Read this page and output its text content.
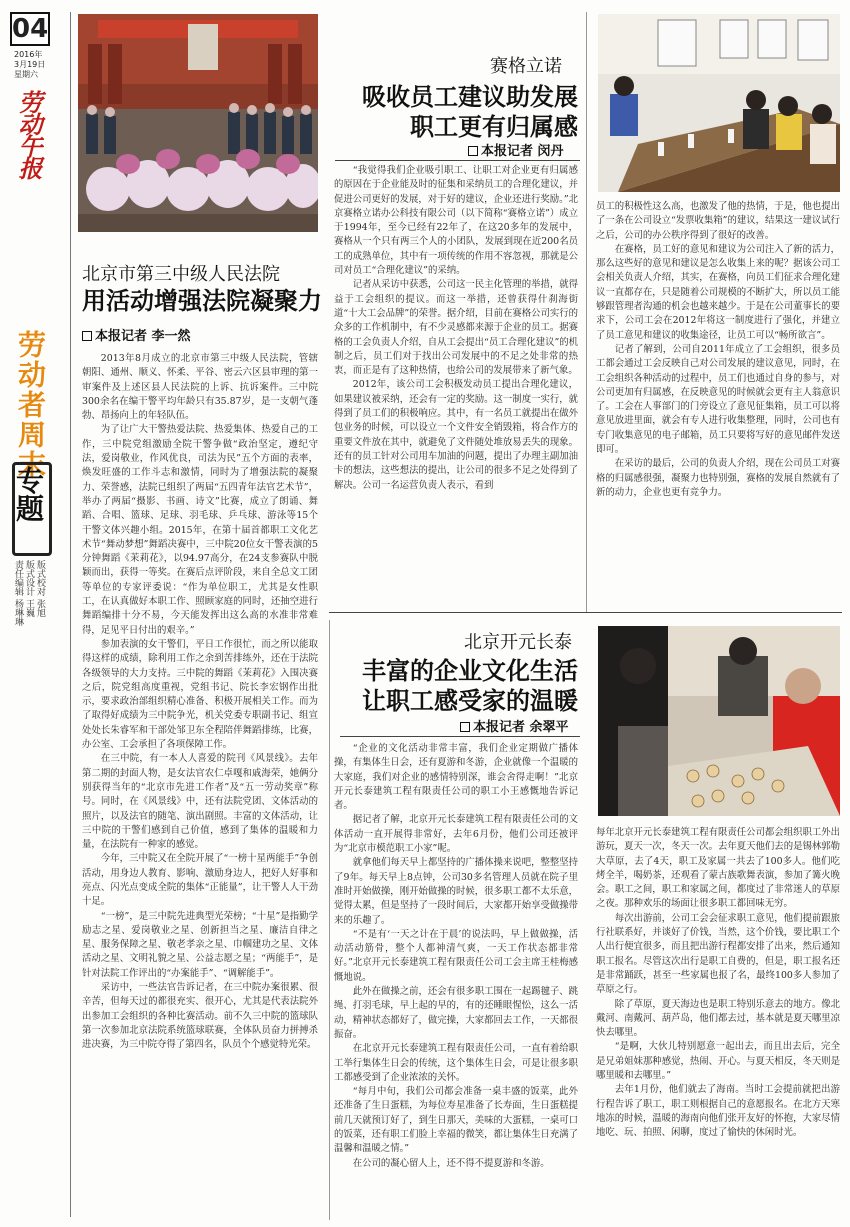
04
2016年
3月19日
星期六
劳动午报
劳动者周末
专题
版式校对 张旭
版式设计 王巍
责任编辑 杨琳琳
北京市第三中级人民法院
用活动增强法院凝聚力
本报记者 李一然

2013年8月成立的北京市第三中级人民法院，管辖朝阳、通州、顺义、怀柔、平谷、密云六区县审理的第一审案件及上述区县人民法院的上诉、抗诉案件。三中院300余名在编干警平均年龄只有35.87岁，是一支朝气蓬勃、昂扬向上的年轻队伍。

为了让广大干警热爱法院、热爱集体、热爱自己的工作，三中院党组激励全院干警争做“政治坚定，遵纪守法，爱岗敬业，作风优良，司法为民”五个方面的表率，焕发旺盛的工作斗志和激情，同时为了增强法院的凝聚力、荣誉感，法院已组织了两届“五四青年法官艺术节”，举办了两届“摄影、书画、诗文”比赛，成立了朗诵、舞蹈、合唱、篮球、足球、羽毛球、乒乓球、游泳等15个干警文体兴趣小组。2015年，在第十届首都职工文化艺术节“舞动梦想”舞蹈决赛中，三中院20位女干警表演的5分钟舞蹈《茉莉花》，以94.97高分，在24支参赛队中脱颖而出，获得一等奖。在赛后点评阶段，来自全总文工团等单位的专家评委说：“作为单位职工，尤其是女性职工，在认真做好本职工作、照顾家庭的同时，还抽空进行舞蹈编排十分不易，今天能发挥出这么高的水准非常难得，足见平日付出的艰辛。”

参加表演的女干警们，平日工作很忙，而之所以能取得这样的成绩，除利用工作之余到苦排练外，还在于法院各级领导的大力支持。三中院的舞蹈《茉莉花》入围决赛之后，院党组高度重视，党组书记、院长李宏钢作出批示，要求政治部组织精心准备、积极开展相关工作。而为了取得好成绩为三中院争光，机关党委专职副书记、组宣处处长朱睿军和干部处邹卫东全程陪伴舞蹈排练，比赛，办公室、工会承担了各项保障工作。

在三中院，有一本人人喜爱的院刊《风景线》。去年第二期的封面人物，是女法官农仁卓嘎和戚海荣，她俩分别获得当年的“北京市先进工作者”及“五一劳动奖章”称号。同时，在《风景线》中，还有法院党团、文体活动的照片，以及法官的随笔、演出剧照。丰富的文体活动，让三中院的干警们感到自己价值，感到了集体的温暖和力量，在法院有一种家的感觉。

今年，三中院又在全院开展了“一榜十星两能手”争创活动，用身边人教育、影响、激励身边人，把好人好事和亮点、闪光点变成全院的集体“正能量”，让干警人人干劲十足。

“一榜”，是三中院先进典型光荣榜；“十星”是指勤学励志之星、爱岗敬业之星、创新担当之星、廉洁自律之星、服务保障之星、敬老孝亲之星、巾帼建功之星、文体活动之星、文明礼貌之星、公益志愿之星；“两能手”，是针对法院工作评出的“办案能手”、“调解能手”。

采访中，一些法官告诉记者，在三中院办案很累、很辛苦，但每天过的都很充实、很开心，尤其是代表法院外出参加工会组织的各种比赛活动。前不久三中院的篮球队第一次参加北京法院系统篮球联赛，全体队员奋力拼搏杀进决赛，为三中院夺得了第四名，队员个个感觉特光荣。

赛格立诺
吸收员工建议助发展
职工更有归属感
本报记者 闵丹

“我觉得我们企业吸引职工、让职工对企业更有归属感的原因在于企业能及时的征集和采纳员工的合理化建议，并促进公司更好的发展，对于好的建议，企业还进行奖励。”北京赛格立诺办公科技有限公司（以下简称“赛格立诺”）成立于1994年，至今已经有22年了，在这20多年的发展中，赛格从一个只有两三个人的小团队，发展到现在近200名员工的成熟单位，其中有一项传统的作用不容忽视，那就是公司对员工“合理化建议”的采纳。

记者从采访中获悉，公司这一民主化管理的举措，就得益于工会组织的提议。而这一举措，还曾获得什刹海街道“十大工会品牌”的荣誉。据介绍，目前在赛格公司实行的众多的工作机制中，有不少灵感都来源于企业的员工。据赛格的工会负责人介绍，自从工会提出“员工合理化建议”的机制之后，员工们对于找出公司发展中的不足之处非常的热衷，而正是有了这种热情，也给公司的发展带来了新气象。

2012年，该公司工会积极发动员工提出合理化建议，如果建议被采纳，还会有一定的奖励。这一制度一实行，就得到了员工们的积极响应。其中，有一名员工就提出在做外包业务的时候，可以设立一个文件安全销毁箱，将合作方的重要文件放在其中，就避免了文件随处堆放易丢失的现象。还有的员工针对公司用车加油的问题，提出了办理主副加油卡的想法，这些想法的提出，让公司的很多不足之处得到了解决。公司一名运营负责人表示，看到

员工的积极性这么高，也激发了他的热情，于是，他也提出了一条在公司设立“发票收集箱”的建议，结果这一建议试行之后，公司的办公秩序得到了很好的改善。

在赛格，员工好的意见和建议为公司注入了新的活力，那么这些好的意见和建议是怎么收集上来的呢？据该公司工会相关负责人介绍，其实，在赛格，向员工们征求合理化建议一直都存在，只是随着公司规模的不断扩大，所以员工能够跟管理者沟通的机会也越来越少。于是在公司董事长的要求下，公司工会在2012年将这一制度进行了强化，并建立了员工意见和建议的收集途径，让员工可以“畅所欲言”。

记者了解到，公司自2011年成立了工会组织，很多员工都会通过工会反映自己对公司发展的建议意见，同时，在工会组织各种活动的过程中，员工们也通过自身的参与，对公司更加有归属感，在反映意见的时候就会更有主人翁意识了。工会在人事部门的门旁设立了意见征集箱，员工可以将意见放进里面，就会有专人进行收集整理，同时，公司也有专门收集意见的电子邮箱，员工只要将写好的意见邮件发送即可。

在采访的最后，公司的负责人介绍，现在公司员工对赛格的归属感很强，凝聚力也特别强，赛格的发展自然就有了新的动力，企业也更有竞争力。

北京开元长泰
丰富的企业文化生活
让职工感受家的温暖
本报记者 余翠平

“企业的文化活动非常丰富，我们企业定期做广播体操，有集体生日会，还有夏游和冬游，企业就像一个温暖的大家庭，我们对企业的感情特别深，谁会舍得走啊！”北京开元长泰建筑工程有限责任公司的职工小王感慨地告诉记者。

据记者了解，北京开元长泰建筑工程有限责任公司的文体活动一直开展得非常好，去年6月份，他们公司还被评为“北京市模范职工小家”呢。

就拿他们每天早上都坚持的广播体操来说吧，整整坚持了9年。每天早上8点钟，公司30多名管理人员就在院子里准时开始做操，刚开始做操的时候，很多职工都不太乐意，觉得太累，但是坚持了一段时间后，大家都开始享受做操带来的乐趣了。

“不是有‘一天之计在于晨’的说法吗，早上做做操，活动活动筋骨，整个人都神清气爽，一天工作状态都非常好。”北京开元长泰建筑工程有限责任公司工会主席王桂梅感慨地说。

此外在做操之前，还会有很多职工围在一起踢毽子、跳绳、打羽毛球，早上起的早的，有的还睡眼惺忪，这么一活动，精神状态都好了，做完操，大家都回去工作，一天都很振奋。

在北京开元长泰建筑工程有限责任公司，一直有着给职工举行集体生日会的传统，这个集体生日会，可是让很多职工都感受到了企业浓浓的关怀。

“每月中旬，我们公司都会准备一桌丰盛的饭菜，此外还准备了生日蛋糕，为每位寿星准备了长寿面，生日蛋糕提前几天就预订好了，到生日那天，美味的大蛋糕，一桌可口的饭菜，还有职工们脸上幸福的微笑，都让集体生日充满了温馨和温暖之情。”

在公司的凝心留人上，还不得不提夏游和冬游。

每年北京开元长泰建筑工程有限责任公司都会组织职工外出游玩，夏天一次，冬天一次。去年夏天他们去的是锡林郭勒大草原，去了4天，职工及家属一共去了100多人。他们吃烤全羊，喝奶茶，还观看了蒙古族歌舞表演，参加了篝火晚会。职工之间，职工和家属之间，都度过了非常迷人的草原之夜。那种欢乐的场面让很多职工都回味无穷。

每次出游前，公司工会会征求职工意见，他们提前跟旅行社联系好，并谈好了价钱，当然，这个价钱，要比职工个人出行便宜很多，而且把出游行程都安排了出来，然后通知职工报名。尽管这次出行是职工自费的，但是，职工报名还是非常踊跃，甚至一些家属也报了名，最终100多人参加了草原之行。

除了草原，夏天海边也是职工特别乐意去的地方。像北戴河、南戴河、葫芦岛，他们都去过，基本就是夏天哪里凉快去哪里。

“是啊，大伙儿特别愿意一起出去，而且出去后，完全是兄弟姐妹那种感觉，热闹、开心。与夏天相反，冬天则是哪里暖和去哪里。”

去年1月份，他们就去了海南。当时工会提前就把出游行程告诉了职工，职工则根据自己的意愿报名。在北方天寒地冻的时候，温暖的海南向他们张开友好的怀抱，大家尽情地吃、玩、拍照、闲聊，度过了愉快的休闲时光。
